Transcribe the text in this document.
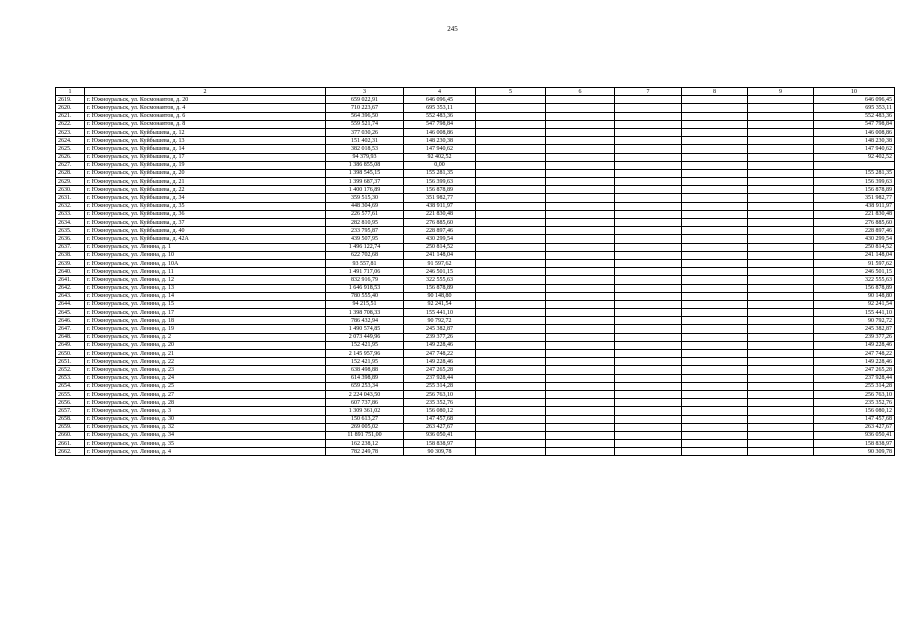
245
1	2	3	4	5	6	7	8	9	10
2619.	г. Южноуральск, ул. Космонавтов, д. 20	659 022,91	646 096,45						646 096,45
2620.	г. Южноуральск, ул. Космонавтов, д. 4	710 223,67	695 353,11						695 353,11
2621.	г. Южноуральск, ул. Космонавтов, д. 6	564 396,50	552 483,36						552 483,36
2622.	г. Южноуральск, ул. Космонавтов, д. 8	559 521,74	547 798,84						547 798,84
2623.	г. Южноуральск, ул. Куйбышева, д. 12	377 030,26	146 008,86						146 008,86
2624.	г. Южноуральск, ул. Куйбышева, д. 13	151 402,31	148 230,38						148 230,38
2625.	г. Южноуральск, ул. Куйбышева, д. 14	382 018,53	147 940,62						147 940,62
2626.	г. Южноуральск, ул. Куйбышева, д. 17	94 379,93	92 402,52						92 402,52
2627.	г. Южноуральск, ул. Куйбышева, д. 19	1 386 855,08	0,00						
2628.	г. Южноуральск, ул. Куйбышева, д. 20	1 398 545,15	155 281,35						155 281,35
2629.	г. Южноуральск, ул. Куйбышева, д. 21	1 399 687,37	156 399,63						156 399,63
2630.	г. Южноуральск, ул. Куйбышева, д. 22	1 400 176,89	156 878,89						156 878,89
2631.	г. Южноуральск, ул. Куйбышева, д. 34	359 515,30	351 982,77						351 982,77
2632.	г. Южноуральск, ул. Куйбышева, д. 35	448 304,69	438 911,97						438 911,97
2633.	г. Южноуральск, ул. Куйбышева, д. 36	226 577,61	221 830,48						221 830,48
2634.	г. Южноуральск, ул. Куйбышева, д. 37	282 810,95	276 885,60						276 885,60
2635.	г. Южноуральск, ул. Куйбышева, д. 40	233 795,87	228 897,46						228 897,46
2636.	г. Южноуральск, ул. Куйбышева, д. 42А	439 507,95	430 299,54						430 299,54
2637.	г. Южноуральск, ул. Ленина, д. 1	1 496 122,74	250 814,52						250 814,52
2638.	г. Южноуральск, ул. Ленина, д. 10	622 702,68	241 148,04						241 148,04
2639.	г. Южноуральск, ул. Ленина, д. 10А	93 557,81	91 597,62						91 597,62
2640.	г. Южноуральск, ул. Ленина, д. 11	1 491 717,06	246 501,15						246 501,15
2641.	г. Южноуральск, ул. Ленина, д. 12	832 916,79	322 555,63						322 555,63
2642.	г. Южноуральск, ул. Ленина, д. 13	1 646 918,53	156 878,89						156 878,89
2643.	г. Южноуральск, ул. Ленина, д. 14	780 555,40	90 148,80						90 148,80
2644.	г. Южноуральск, ул. Ленина, д. 15	94 215,51	92 241,54						92 241,54
2645.	г. Южноуральск, ул. Ленина, д. 17	1 398 708,33	155 441,10						155 441,10
2646.	г. Южноуральск, ул. Ленина, д. 18	786 432,94	90 792,72						90 792,72
2647.	г. Южноуральск, ул. Ленина, д. 19	1 490 574,85	245 382,87						245 382,87
2648.	г. Южноуральск, ул. Ленина, д. 2	2 073 449,96	239 377,26						239 377,26
2649.	г. Южноуральск, ул. Ленина, д. 20	152 421,95	149 228,46						149 228,46
2650.	г. Южноуральск, ул. Ленина, д. 21	2 145 957,96	247 748,22						247 748,22
2651.	г. Южноуральск, ул. Ленина, д. 22	152 421,95	149 228,46						149 228,46
2652.	г. Южноуральск, ул. Ленина, д. 23	638 498,88	247 265,28						247 265,28
2653.	г. Южноуральск, ул. Ленина, д. 24	614 398,89	237 928,44						237 928,44
2654.	г. Южноуральск, ул. Ленина, д. 25	659 253,34	255 314,28						255 314,28
2655.	г. Южноуральск, ул. Ленина, д. 27	2 224 043,50	256 763,10						256 763,10
2656.	г. Южноуральск, ул. Ленина, д. 28	607 737,86	235 352,76						235 352,76
2657.	г. Южноуральск, ул. Ленина, д. 3	1 309 361,02	156 080,12						156 080,12
2658.	г. Южноуральск, ул. Ленина, д. 30	150 613,27	147 457,68						147 457,68
2659.	г. Южноуральск, ул. Ленина, д. 32	269 005,02	263 427,67						263 427,67
2660.	г. Южноуральск, ул. Ленина, д. 34	11 891 751,00	936 050,41						936 050,41
2661.	г. Южноуральск, ул. Ленина, д. 35	162 238,12	158 838,97						158 838,97
2662.	г. Южноуральск, ул. Ленина, д. 4	782 249,78	90 309,78						90 309,78
